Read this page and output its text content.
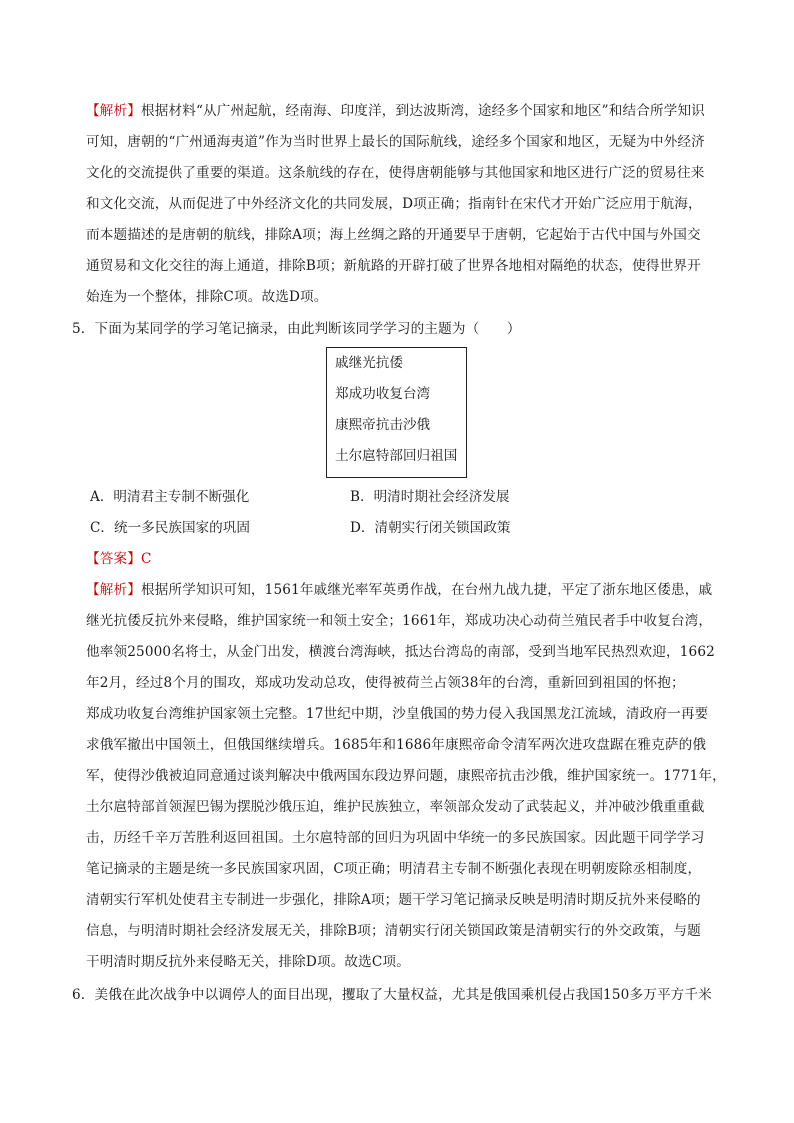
【解析】根据材料“从广州起航，经南海、印度洋，到达波斯湾，途经多个国家和地区”和结合所学知识
可知，唐朝的“广州通海夷道”作为当时世界上最长的国际航线，途经多个国家和地区，无疑为中外经济
文化的交流提供了重要的渠道。这条航线的存在，使得唐朝能够与其他国家和地区进行广泛的贸易往来
和文化交流，从而促进了中外经济文化的共同发展，D项正确；指南针在宋代才开始广泛应用于航海，
而本题描述的是唐朝的航线，排除A项；海上丝绸之路的开通要早于唐朝，它起始于古代中国与外国交
通贸易和文化交往的海上通道，排除B项；新航路的开辟打破了世界各地相对隔绝的状态，使得世界开
始连为一个整体，排除C项。故选D项。
5．下面为某同学的学习笔记摘录，由此判断该同学学习的主题为（　　）
戚继光抗倭
郑成功收复台湾
康熙帝抗击沙俄
土尔扈特部回归祖国
A．明清君主专制不断强化	B．明清时期社会经济发展
C．统一多民族国家的巩固	D．清朝实行闭关锁国政策
【答案】C
【解析】根据所学知识可知，1561年戚继光率军英勇作战，在台州九战九捷，平定了浙东地区倭患，戚
继光抗倭反抗外来侵略，维护国家统一和领土安全；1661年，郑成功决心动荷兰殖民者手中收复台湾，
他率领25000名将士，从金门出发，横渡台湾海峡，抵达台湾岛的南部，受到当地军民热烈欢迎，1662
年2月，经过8个月的围攻，郑成功发动总攻，使得被荷兰占领38年的台湾，重新回到祖国的怀抱；
郑成功收复台湾维护国家领土完整。17世纪中期，沙皇俄国的势力侵入我国黑龙江流域，清政府一再要
求俄军撤出中国领土，但俄国继续增兵。1685年和1686年康熙帝命令清军两次进攻盘踞在雅克萨的俄
军，使得沙俄被迫同意通过谈判解决中俄两国东段边界问题，康熙帝抗击沙俄，维护国家统一。1771年，
土尔扈特部首领渥巴锡为摆脱沙俄压迫，维护民族独立，率领部众发动了武装起义，并冲破沙俄重重截
击，历经千辛万苦胜利返回祖国。土尔扈特部的回归为巩固中华统一的多民族国家。因此题干同学学习
笔记摘录的主题是统一多民族国家巩固，C项正确；明清君主专制不断强化表现在明朝废除丞相制度，
清朝实行军机处使君主专制进一步强化，排除A项；题干学习笔记摘录反映是明清时期反抗外来侵略的
信息，与明清时期社会经济发展无关，排除B项；清朝实行闭关锁国政策是清朝实行的外交政策，与题
干明清时期反抗外来侵略无关，排除D项。故选C项。
6．美俄在此次战争中以调停人的面目出现，攫取了大量权益，尤其是俄国乘机侵占我国150多万平方千米
